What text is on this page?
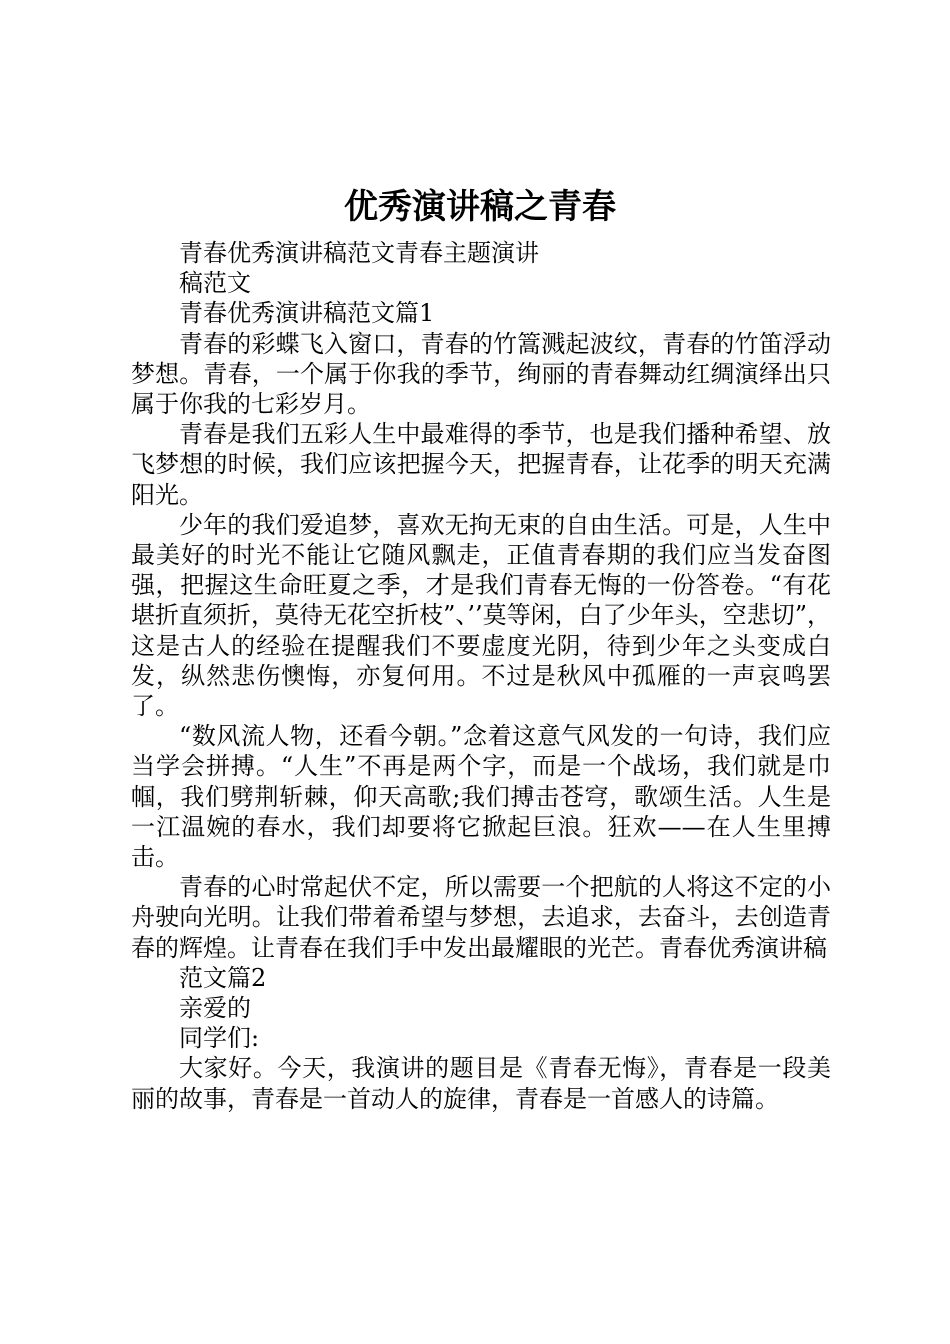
优秀演讲稿之青春

青春优秀演讲稿范文青春主题演讲

稿范文

青春优秀演讲稿范文篇1

青春的彩蝶飞入窗口，青春的竹篙溅起波纹，青春的竹笛浮动梦想。青春，一个属于你我的季节，绚丽的青春舞动红绸演绎出只属于你我的七彩岁月。

青春是我们五彩人生中最难得的季节，也是我们播种希望、放飞梦想的时候，我们应该把握今天，把握青春，让花季的明天充满阳光。

少年的我们爱追梦，喜欢无拘无束的自由生活。可是，人生中最美好的时光不能让它随风飘走，正值青春期的我们应当发奋图强，把握这生命旺夏之季，才是我们青春无悔的一份答卷。“有花堪折直须折，莫待无花空折枝”、’’莫等闲，白了少年头，空悲切”，这是古人的经验在提醒我们不要虚度光阴，待到少年之头变成白发，纵然悲伤懊悔，亦复何用。不过是秋风中孤雁的一声哀鸣罢了。

“数风流人物，还看今朝。”念着这意气风发的一句诗，我们应当学会拼搏。“人生”不再是两个字，而是一个战场，我们就是巾帼，我们劈荆斩棘，仰天高歌;我们搏击苍穹，歌颂生活。人生是一江温婉的春水，我们却要将它掀起巨浪。狂欢——在人生里搏击。

青春的心时常起伏不定，所以需要一个把航的人将这不定的小舟驶向光明。让我们带着希望与梦想，去追求，去奋斗，去创造青春的辉煌。让青春在我们手中发出最耀眼的光芒。青春优秀演讲稿

范文篇2

亲爱的

同学们:

大家好。今天，我演讲的题目是《青春无悔》，青春是一段美丽的故事，青春是一首动人的旋律，青春是一首感人的诗篇。
